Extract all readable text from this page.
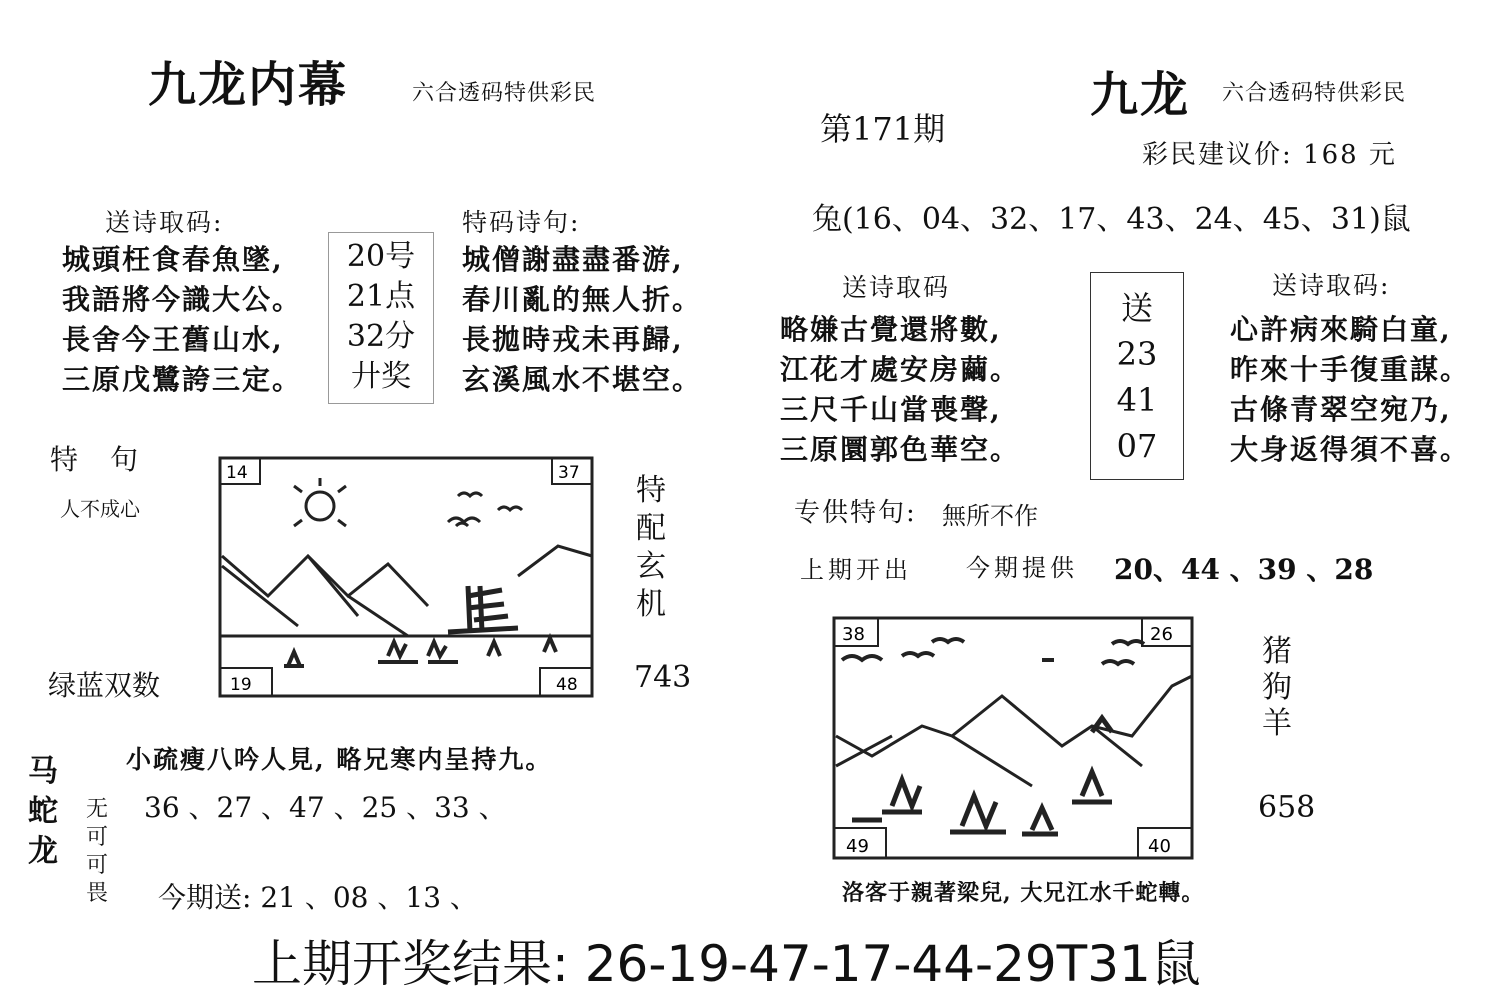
九龙内幕	六合透码特供彩民
送诗取码:
城頭枉食春魚墜,
我語將今識大公。
長舍今王舊山水,
三原戊鷺誇三定。
20号
21点
32分
廾奖
特码诗句:
城僧謝盡盡番游,
春川亂的無人折。
長拋時戎未再歸,
玄溪風水不堪空。
特　句
人不成心
绿蓝双数
14	37
19	48
特
配
玄
机
743
小疏瘦八吟人見, 略兄寒内呈持九。
马
蛇
龙
无
可
可
畏
36 、27 、47 、25 、33 、
今期送: 21 、08 、13 、
第171期
九龙 六合透码特供彩民
彩民建议价: 168 元
兔(16、04、32、17、43、24、45、31)鼠
送诗取码
略嫌古覺還將數,
江花才處安房繭。
三尺千山當喪聲,
三原圜郭色華空。
送
23
41
07
送诗取码:
心許病來騎白童,
昨來十手復重謀。
古條青翠空宛乃,
大身返得須不喜。
专供特句: 無所不作
上期开出 今期提供 20、44 、39 、28
38	26
49	40
猪
狗
羊
658
洛客于親著梁兒, 大兄江水千蛇轉。
上期开奖结果: 26-19-47-17-44-29T31鼠
